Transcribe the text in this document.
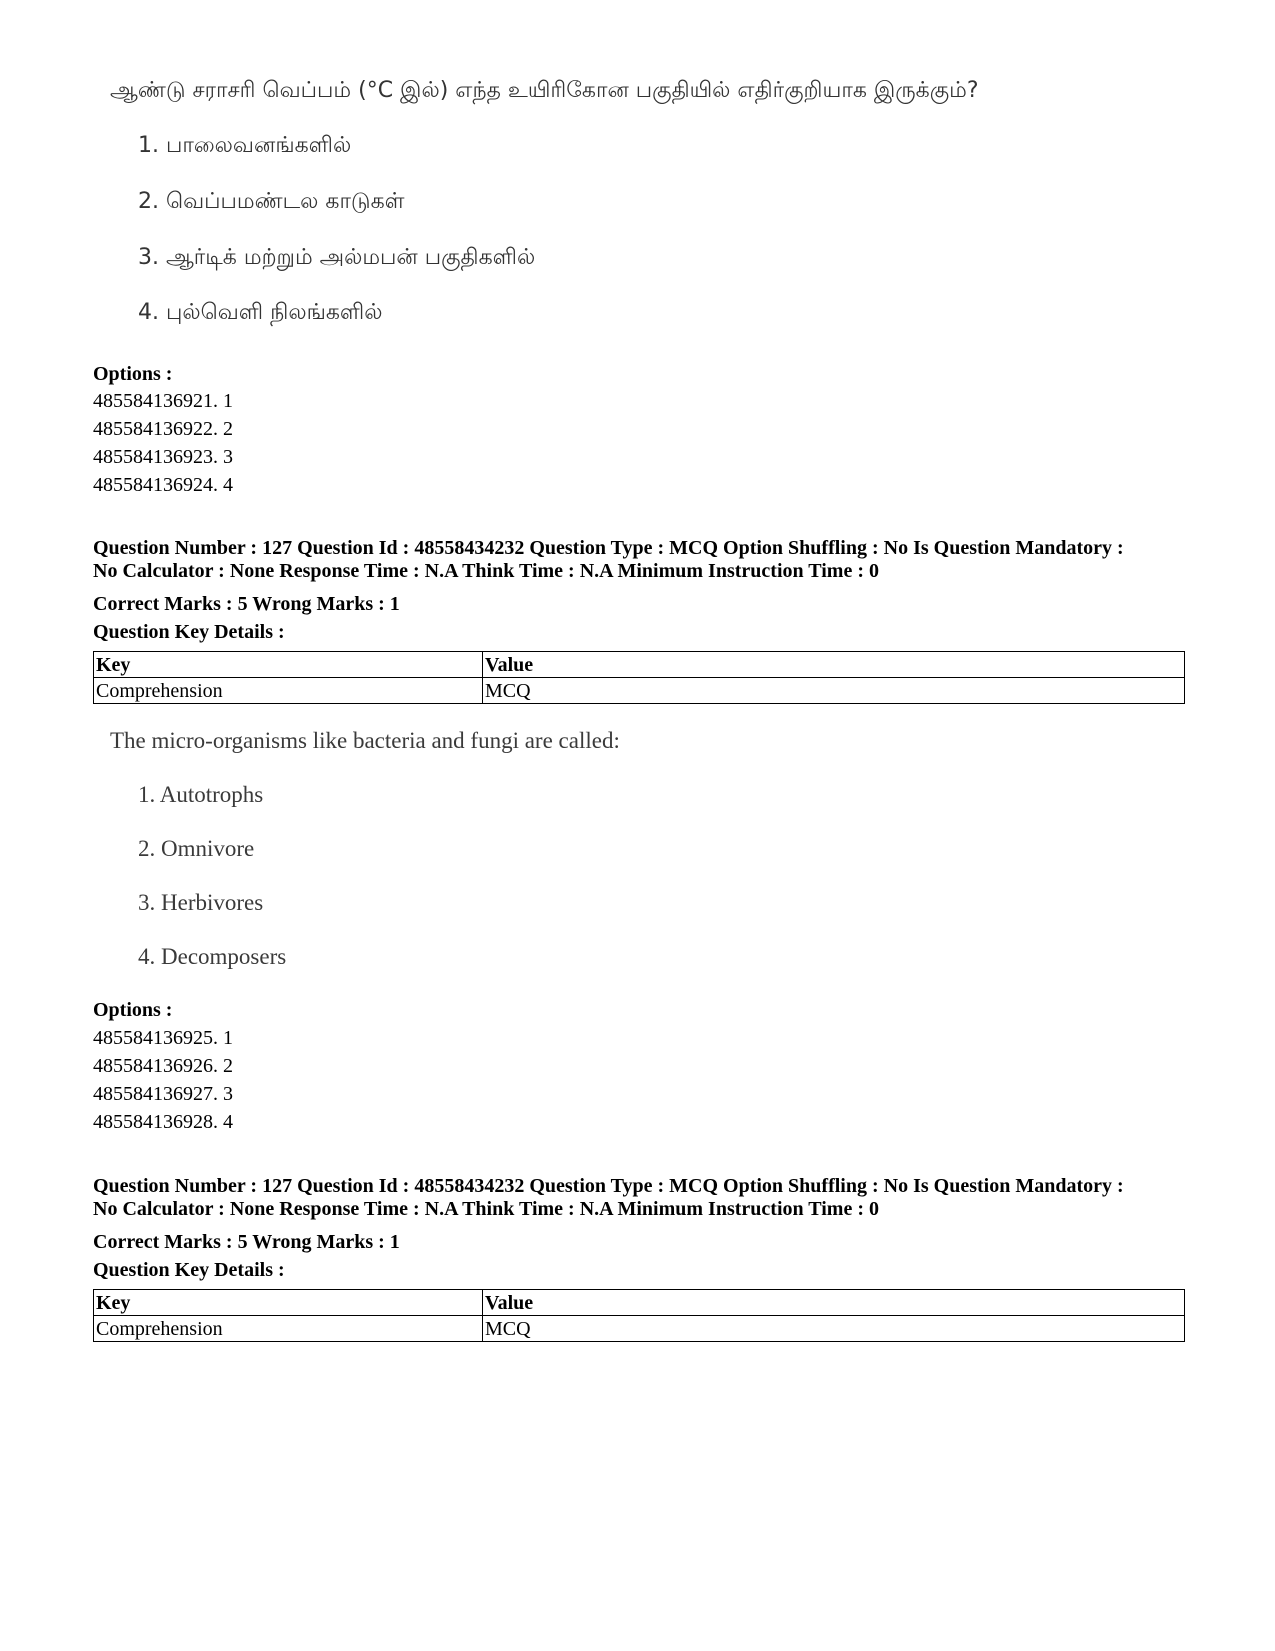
ஆண்டு சராசரி வெப்பம் (°C இல்) எந்த உயிரிகோன பகுதியில் எதிர்குறியாக இருக்கும்?
1. பாலைவனங்களில்
2. வெப்பமண்டல காடுகள்
3. ஆர்டிக் மற்றும் அல்மபன் பகுதிகளில்
4. புல்வெளி நிலங்களில்
Options :
485584136921. 1
485584136922. 2
485584136923. 3
485584136924. 4
Question Number : 127 Question Id : 48558434232 Question Type : MCQ Option Shuffling : No Is Question Mandatory : No Calculator : None Response Time : N.A Think Time : N.A Minimum Instruction Time : 0
Correct Marks : 5 Wrong Marks : 1
Question Key Details :
Key	Value
Comprehension	MCQ
The micro-organisms like bacteria and fungi are called:
1. Autotrophs
2. Omnivore
3. Herbivores
4. Decomposers
Options :
485584136925. 1
485584136926. 2
485584136927. 3
485584136928. 4
Question Number : 127 Question Id : 48558434232 Question Type : MCQ Option Shuffling : No Is Question Mandatory : No Calculator : None Response Time : N.A Think Time : N.A Minimum Instruction Time : 0
Correct Marks : 5 Wrong Marks : 1
Question Key Details :
Key	Value
Comprehension	MCQ
